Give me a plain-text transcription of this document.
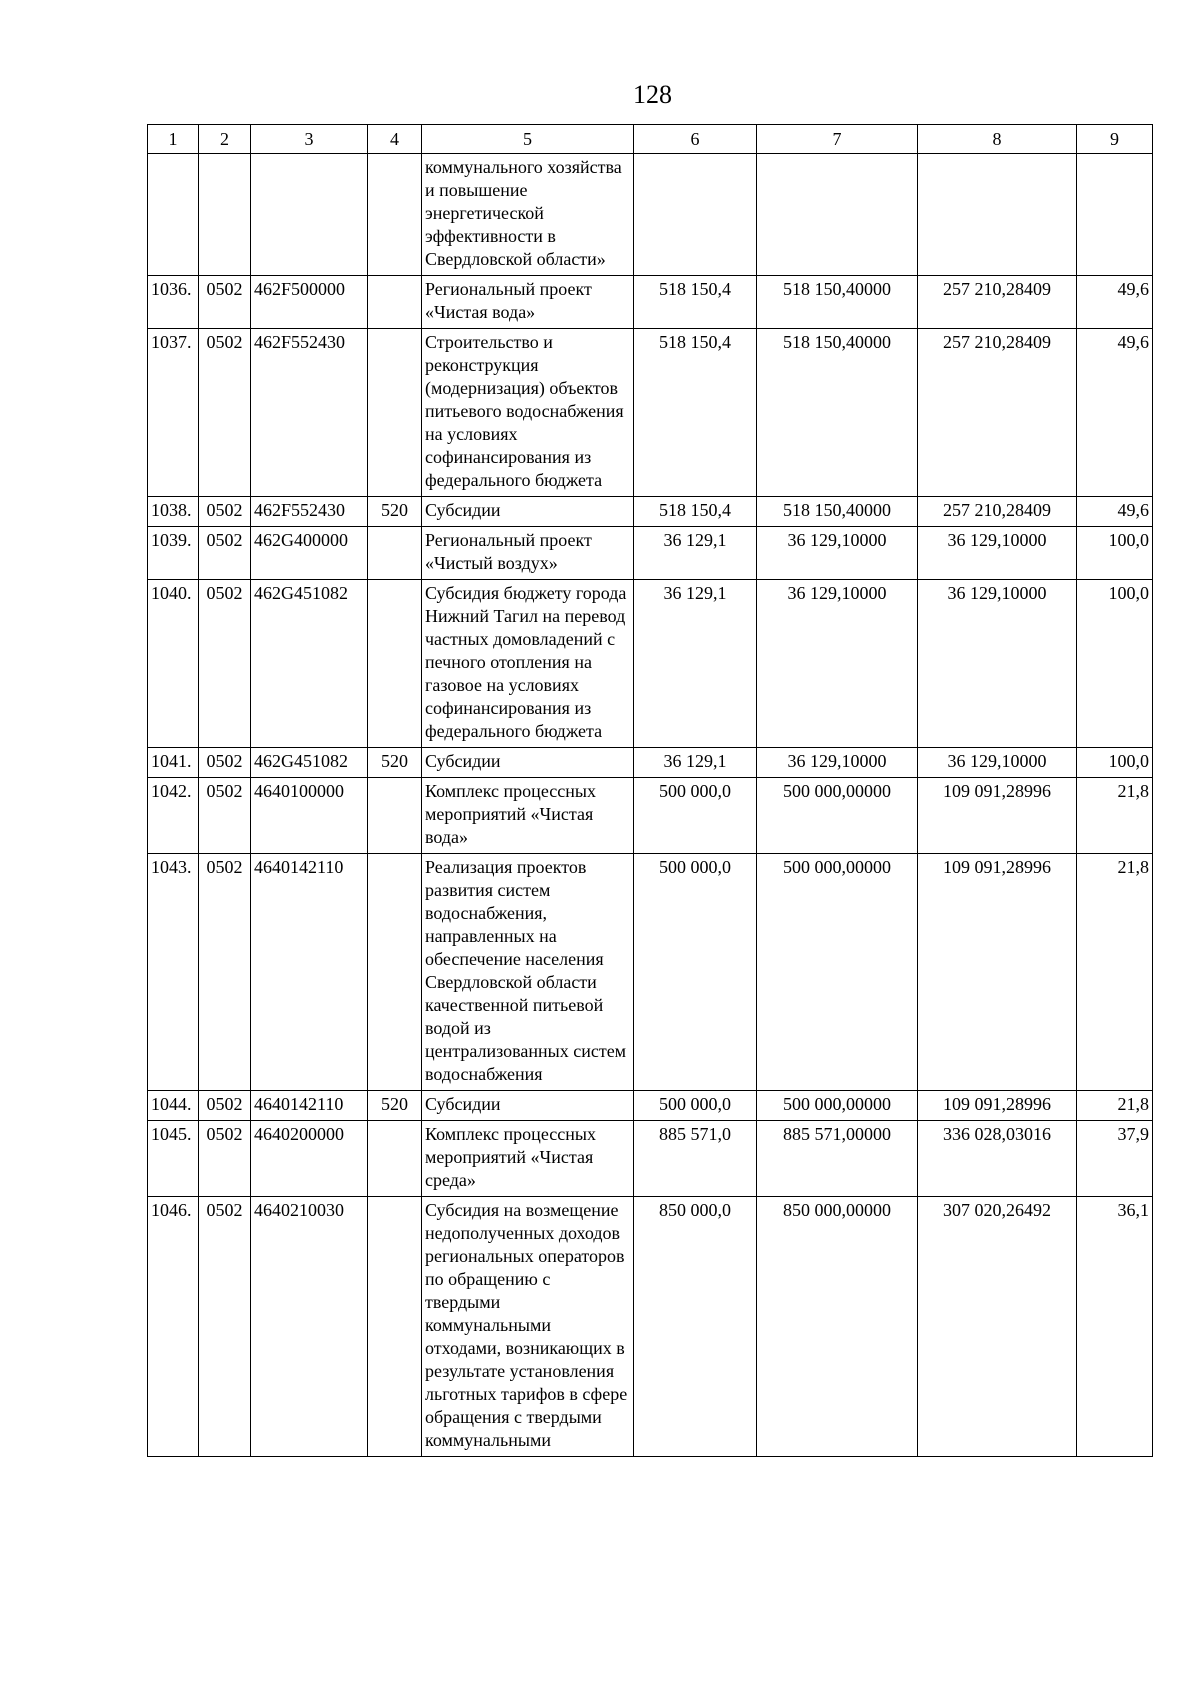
128
1	2	3	4	5	6	7	8	9
				коммунального хозяйства и повышение энергетической эффективности в Свердловской области»				
1036.	0502	462F500000		Региональный проект «Чистая вода»	518 150,4	518 150,40000	257 210,28409	49,6
1037.	0502	462F552430		Строительство и реконструкция (модернизация) объектов питьевого водоснабжения на условиях софинансирования из федерального бюджета	518 150,4	518 150,40000	257 210,28409	49,6
1038.	0502	462F552430	520	Субсидии	518 150,4	518 150,40000	257 210,28409	49,6
1039.	0502	462G400000		Региональный проект «Чистый воздух»	36 129,1	36 129,10000	36 129,10000	100,0
1040.	0502	462G451082		Субсидия бюджету города Нижний Тагил на перевод частных домовладений с печного отопления на газовое на условиях софинансирования из федерального бюджета	36 129,1	36 129,10000	36 129,10000	100,0
1041.	0502	462G451082	520	Субсидии	36 129,1	36 129,10000	36 129,10000	100,0
1042.	0502	4640100000		Комплекс процессных мероприятий «Чистая вода»	500 000,0	500 000,00000	109 091,28996	21,8
1043.	0502	4640142110		Реализация проектов развития систем водоснабжения, направленных на обеспечение населения Свердловской области качественной питьевой водой из централизованных систем водоснабжения	500 000,0	500 000,00000	109 091,28996	21,8
1044.	0502	4640142110	520	Субсидии	500 000,0	500 000,00000	109 091,28996	21,8
1045.	0502	4640200000		Комплекс процессных мероприятий «Чистая среда»	885 571,0	885 571,00000	336 028,03016	37,9
1046.	0502	4640210030		Субсидия на возмещение недополученных доходов региональных операторов по обращению с твердыми коммунальными отходами, возникающих в результате установления льготных тарифов в сфере обращения с твердыми коммунальными	850 000,0	850 000,00000	307 020,26492	36,1
